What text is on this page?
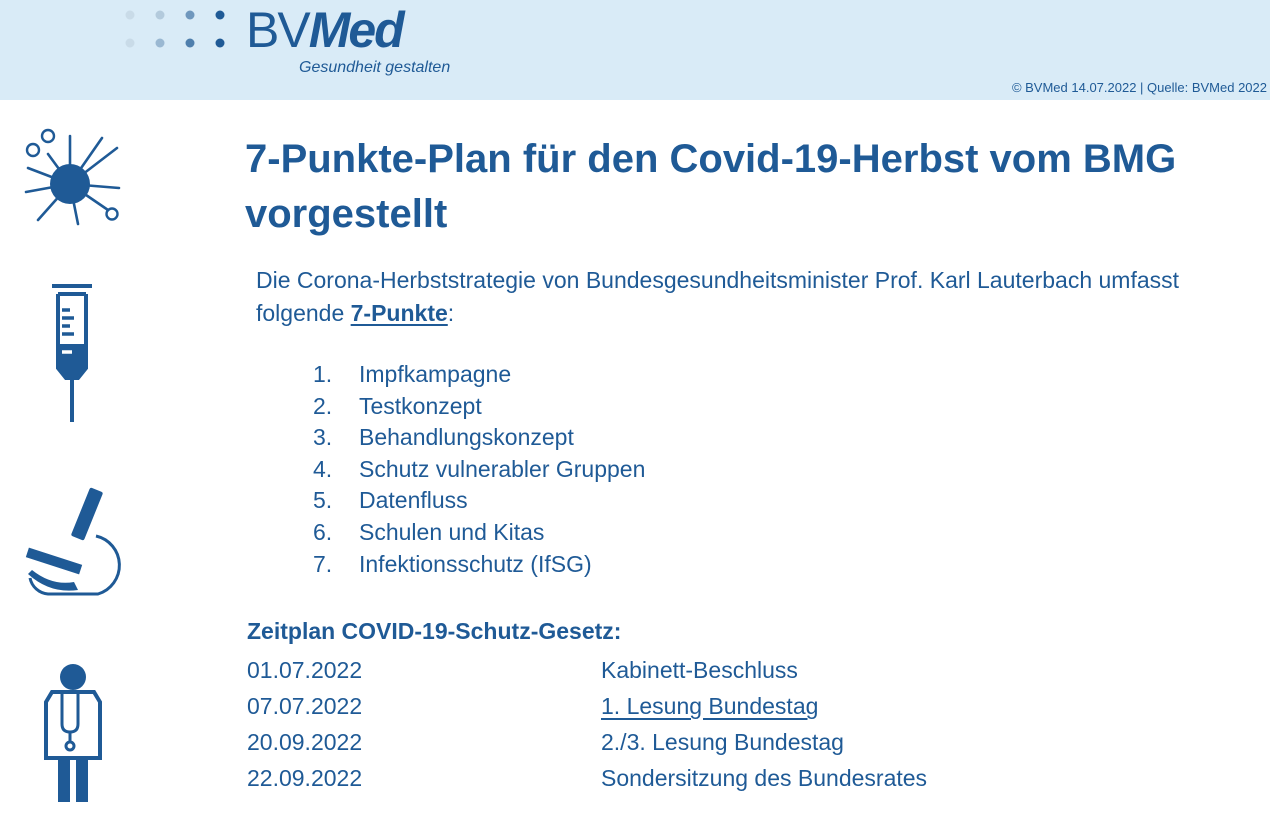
BVMed
Gesundheit gestalten
© BVMed 14.07.2022 | Quelle: BVMed 2022
7-Punkte-Plan für den Covid-19-Herbst vom BMG vorgestellt

Die Corona-Herbststrategie von Bundesgesundheitsminister Prof. Karl Lauterbach umfasst folgende 7-Punkte:

1.	Impfkampagne
2.	Testkonzept
3.	Behandlungskonzept
4.	Schutz vulnerabler Gruppen
5.	Datenfluss
6.	Schulen und Kitas
7.	Infektionsschutz (IfSG)
Zeitplan COVID-19-Schutz-Gesetz:
01.07.2022	Kabinett-Beschluss
07.07.2022	1. Lesung Bundestag
20.09.2022	2./3. Lesung Bundestag
22.09.2022	Sondersitzung des Bundesrates
